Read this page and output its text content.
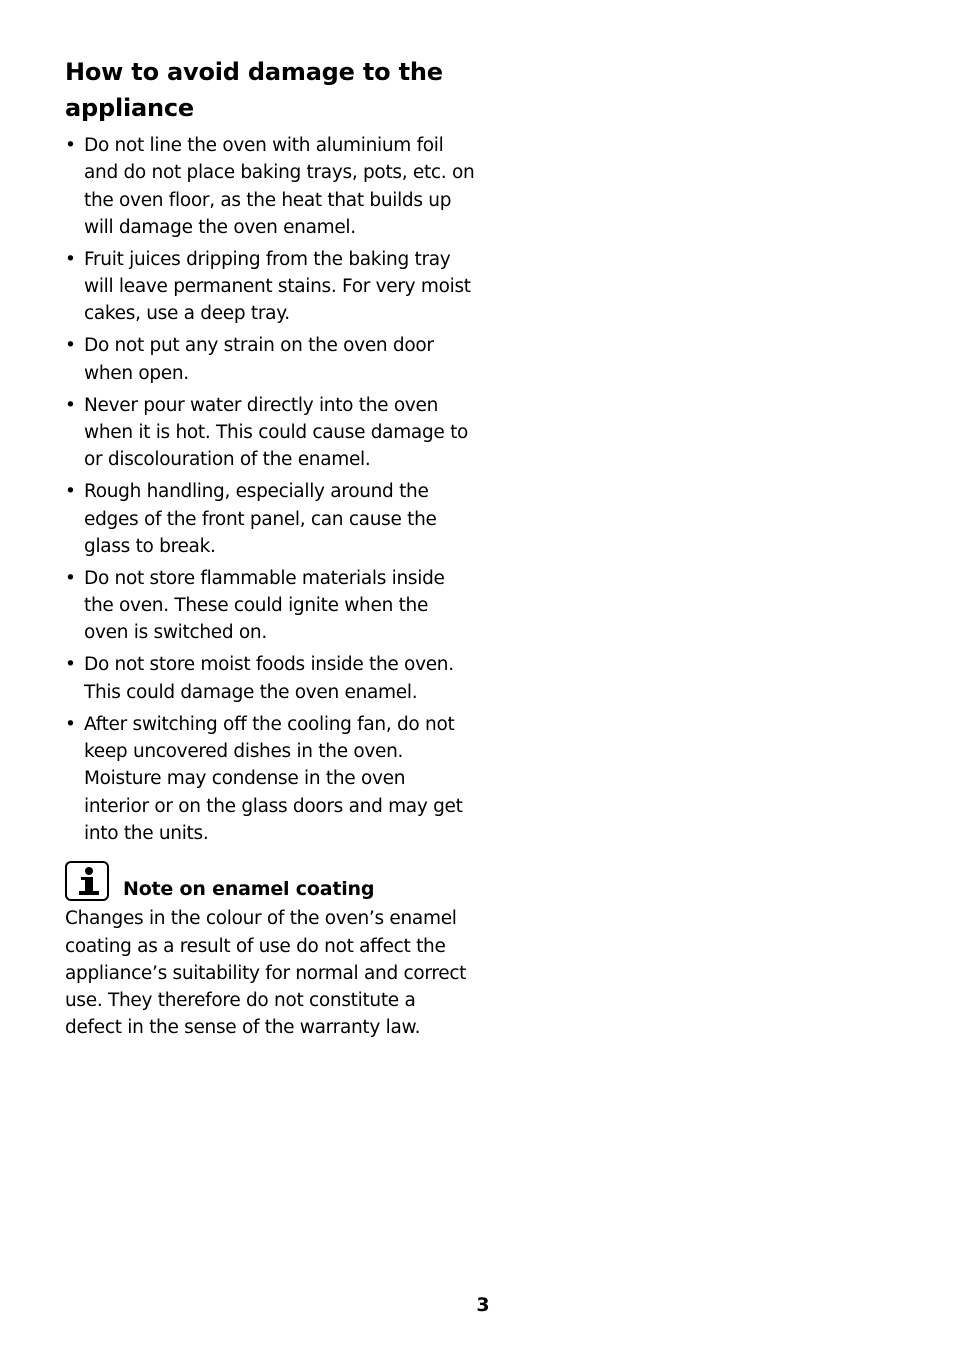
How to avoid damage to the appliance
• Do not line the oven with aluminium foil and do not place baking trays, pots, etc. on the oven floor, as the heat that builds up will damage the oven enamel.
• Fruit juices dripping from the baking tray will leave permanent stains. For very moist cakes, use a deep tray.
• Do not put any strain on the oven door when open.
• Never pour water directly into the oven when it is hot. This could cause damage to or discolouration of the enamel.
• Rough handling, especially around the edges of the front panel, can cause the glass to break.
• Do not store flammable materials inside the oven. These could ignite when the oven is switched on.
• Do not store moist foods inside the oven. This could damage the oven enamel.
• After switching off the cooling fan, do not keep uncovered dishes in the oven. Moisture may condense in the oven interior or on the glass doors and may get into the units.
Note on enamel coating

Changes in the colour of the oven’s enamel coating as a result of use do not affect the appliance’s suitability for normal and correct use. They therefore do not constitute a defect in the sense of the warranty law.

3
